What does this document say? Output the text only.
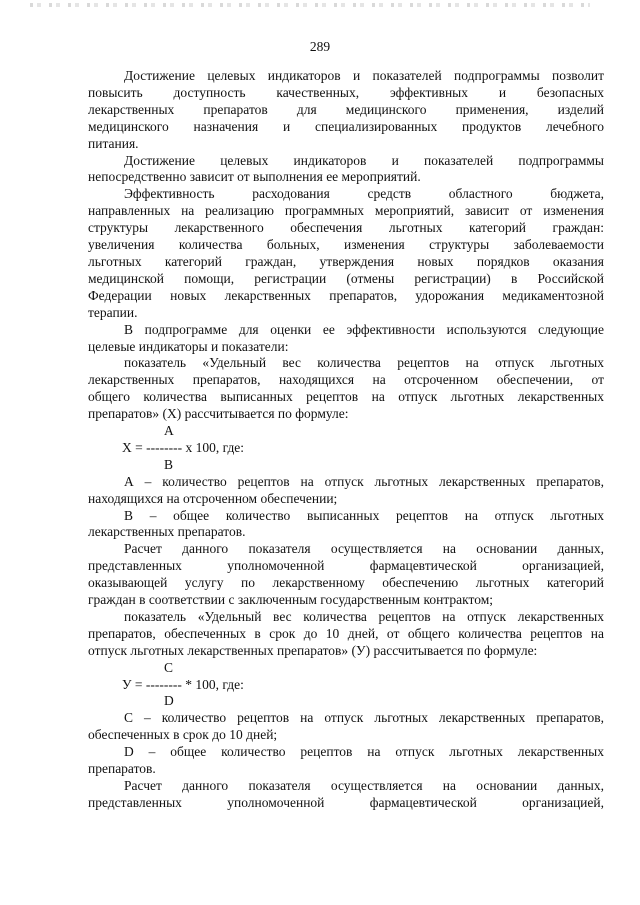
289

Достижение целевых индикаторов и показателей подпрограммы позволит

повысить доступность качественных, эффективных и безопасных

лекарственных препаратов для медицинского применения, изделий

медицинского назначения и специализированных продуктов лечебного

питания.

Достижение целевых индикаторов и показателей подпрограммы

непосредственно зависит от выполнения ее мероприятий.

Эффективность расходования средств областного бюджета,

направленных на реализацию программных мероприятий, зависит от изменения

структуры лекарственного обеспечения льготных категорий граждан:

увеличения количества больных, изменения структуры заболеваемости

льготных категорий граждан, утверждения новых порядков оказания

медицинской помощи, регистрации (отмены регистрации) в Российской

Федерации новых лекарственных препаратов, удорожания медикаментозной

терапии.

В подпрограмме для оценки ее эффективности используются следующие

целевые индикаторы и показатели:

показатель «Удельный вес количества рецептов на отпуск льготных

лекарственных препаратов, находящихся на отсроченном обеспечении, от

общего количества выписанных рецептов на отпуск льготных лекарственных

препаратов» (Х) рассчитывается по формуле:

А

Х = -------- х 100, где:

В

А – количество рецептов на отпуск льготных лекарственных препаратов,

находящихся на отсроченном обеспечении;

В – общее количество выписанных рецептов на отпуск льготных

лекарственных препаратов.

Расчет данного показателя осуществляется на основании данных,

представленных уполномоченной фармацевтической организацией,

оказывающей услугу по лекарственному обеспечению льготных категорий

граждан в соответствии с заключенным государственным контрактом;

показатель «Удельный вес количества рецептов на отпуск лекарственных

препаратов, обеспеченных в срок до 10 дней, от общего количества рецептов на

отпуск льготных лекарственных препаратов» (У) рассчитывается по формуле:

С

У = -------- * 100, где:

D

С – количество рецептов на отпуск льготных лекарственных препаратов,

обеспеченных в срок до 10 дней;

D – общее количество рецептов на отпуск льготных лекарственных

препаратов.

Расчет данного показателя осуществляется на основании данных,

представленных уполномоченной фармацевтической организацией,
